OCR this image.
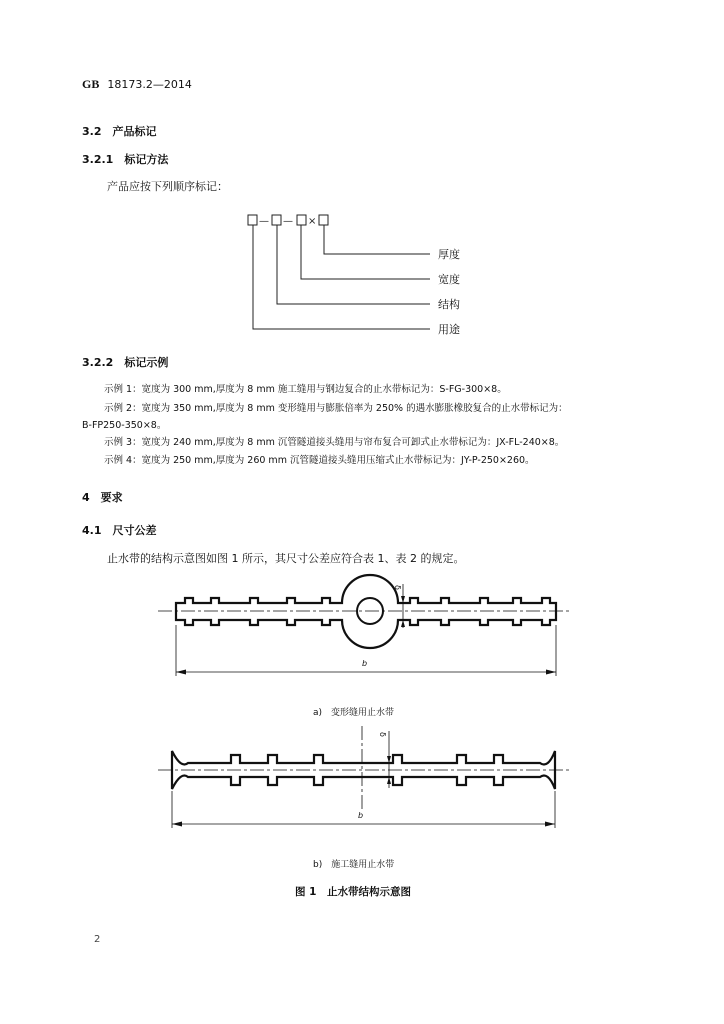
GB 18173.2—2014
3.2　产品标记
3.2.1　标记方法
产品应按下列顺序标记：
— — ×
厚度
宽度
结构
用途
3.2.2　标记示例
示例 1：宽度为 300 mm,厚度为 8 mm 施工缝用与钢边复合的止水带标记为：S-FG-300×8。
示例 2：宽度为 350 mm,厚度为 8 mm 变形缝用与膨胀倍率为 250% 的遇水膨胀橡胶复合的止水带标记为：
B-FP250-350×8。
示例 3：宽度为 240 mm,厚度为 8 mm 沉管隧道接头缝用与帘布复合可卸式止水带标记为：JX-FL-240×8。
示例 4：宽度为 250 mm,厚度为 260 mm 沉管隧道接头缝用压缩式止水带标记为：JY-P-250×260。
4　要求
4.1　尺寸公差
止水带的结构示意图如图 1 所示，其尺寸公差应符合表 1、表 2 的规定。
δ
b
a)　变形缝用止水带
δ
b
b)　施工缝用止水带
图 1　止水带结构示意图
2
